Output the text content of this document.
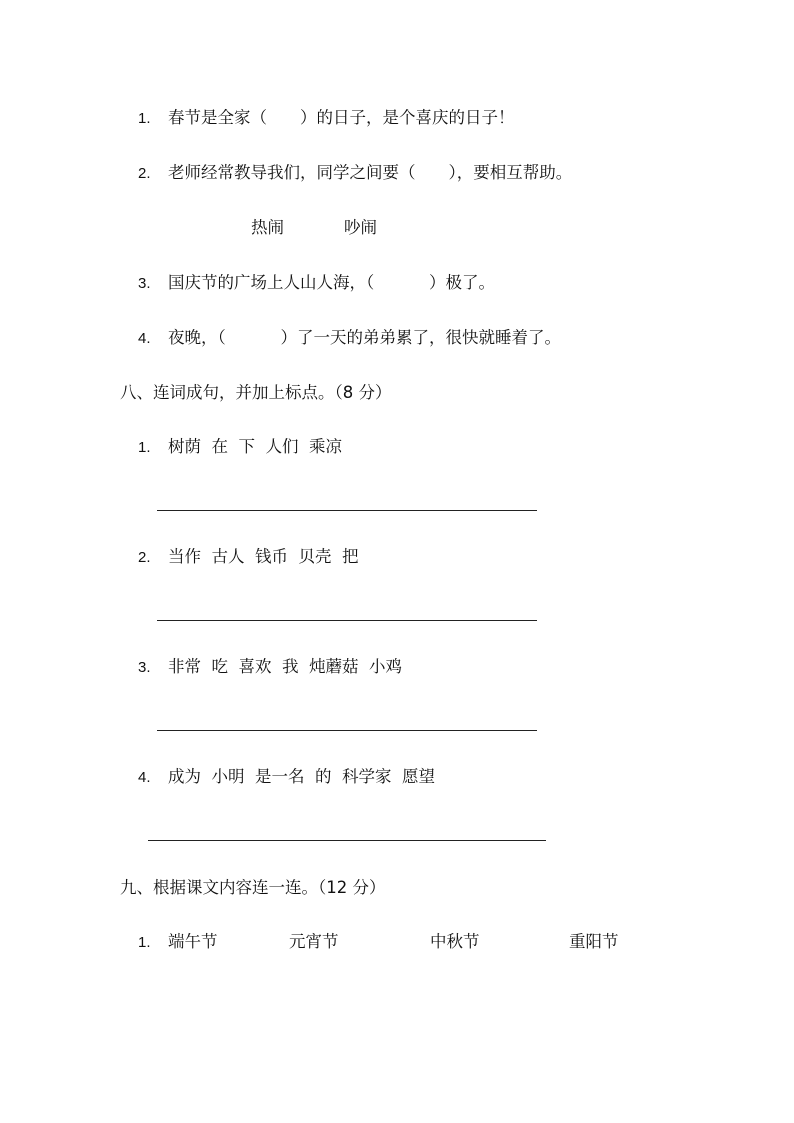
1. 春节是全家（　　）的日子，是个喜庆的日子！
2. 老师经常教导我们，同学之间要（　　），要相互帮助。
热闹	吵闹
3. 国庆节的广场上人山人海，（　　　 ）极了。
4. 夜晚，（　　　 ）了一天的弟弟累了，很快就睡着了。
八、连词成句，并加上标点。（8 分）
1. 树荫  在  下  人们  乘凉
2. 当作  古人  钱币  贝壳  把
3. 非常  吃  喜欢  我  炖蘑菇  小鸡
4. 成为  小明  是一名  的  科学家  愿望
九、根据课文内容连一连。（12 分）
1. 端午节	元宵节	中秋节	重阳节
